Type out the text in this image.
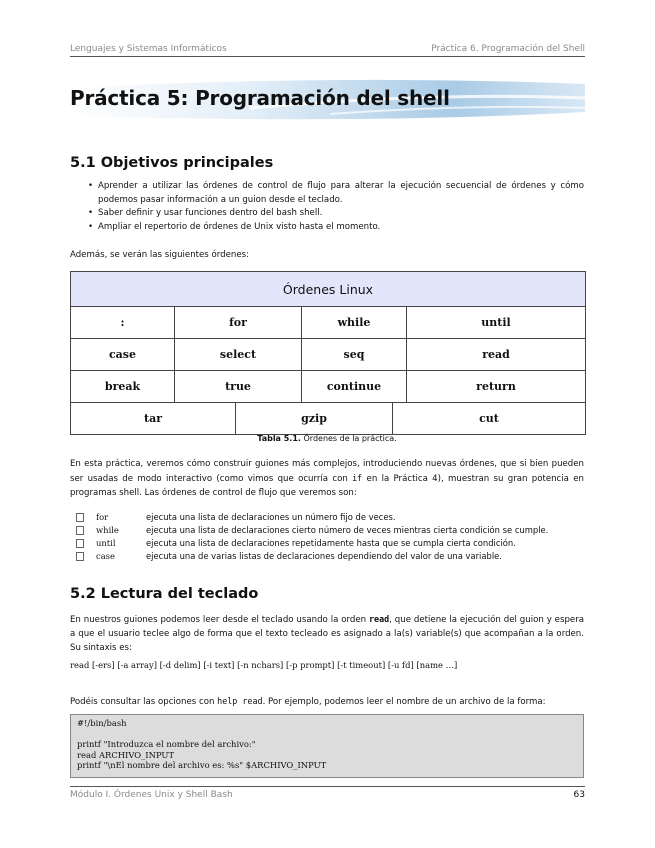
Lenguajes y Sistemas Informáticos	Práctica 6. Programación del Shell
Práctica 5: Programación del shell
5.1 Objetivos principales
• Aprender a utilizar las órdenes de control de flujo para alterar la ejecución secuencial de órdenes y cómo podemos pasar información a un guion desde el teclado.
• Saber definir y usar funciones dentro del bash shell.
• Ampliar el repertorio de órdenes de Unix visto hasta el momento.
Además, se verán las siguientes órdenes:
Órdenes Linux
:	for	while	until
case	select	seq	read
break	true	continue	return
tar	gzip	cut
Tabla 5.1. Órdenes de la práctica.
En esta práctica, veremos cómo construir guiones más complejos, introduciendo nuevas órdenes, que si bien pueden ser usadas de modo interactivo (como vimos que ocurría con if en la Práctica 4), muestran su gran potencia en programas shell. Las órdenes de control de flujo que veremos son:
for	ejecuta una lista de declaraciones un número fijo de veces.
while	ejecuta una lista de declaraciones cierto número de veces mientras cierta condición se cumple.
until	ejecuta una lista de declaraciones repetidamente hasta que se cumpla cierta condición.
case	ejecuta una de varias listas de declaraciones dependiendo del valor de una variable.
5.2 Lectura del teclado
En nuestros guiones podemos leer desde el teclado usando la orden read, que detiene la ejecución del guion y espera a que el usuario teclee algo de forma que el texto tecleado es asignado a la(s) variable(s) que acompañan a la orden. Su sintaxis es:
read [-ers] [-a array] [-d delim] [-i text] [-n nchars] [-p prompt] [-t timeout] [-u fd] [name …]
Podéis consultar las opciones con help read. Por ejemplo, podemos leer el nombre de un archivo de la forma:
#!/bin/bash

printf "Introduzca el nombre del archivo:"
read ARCHIVO_INPUT
printf "\nEl nombre del archivo es: %s" $ARCHIVO_INPUT
Módulo I. Órdenes Unix y Shell Bash	63
